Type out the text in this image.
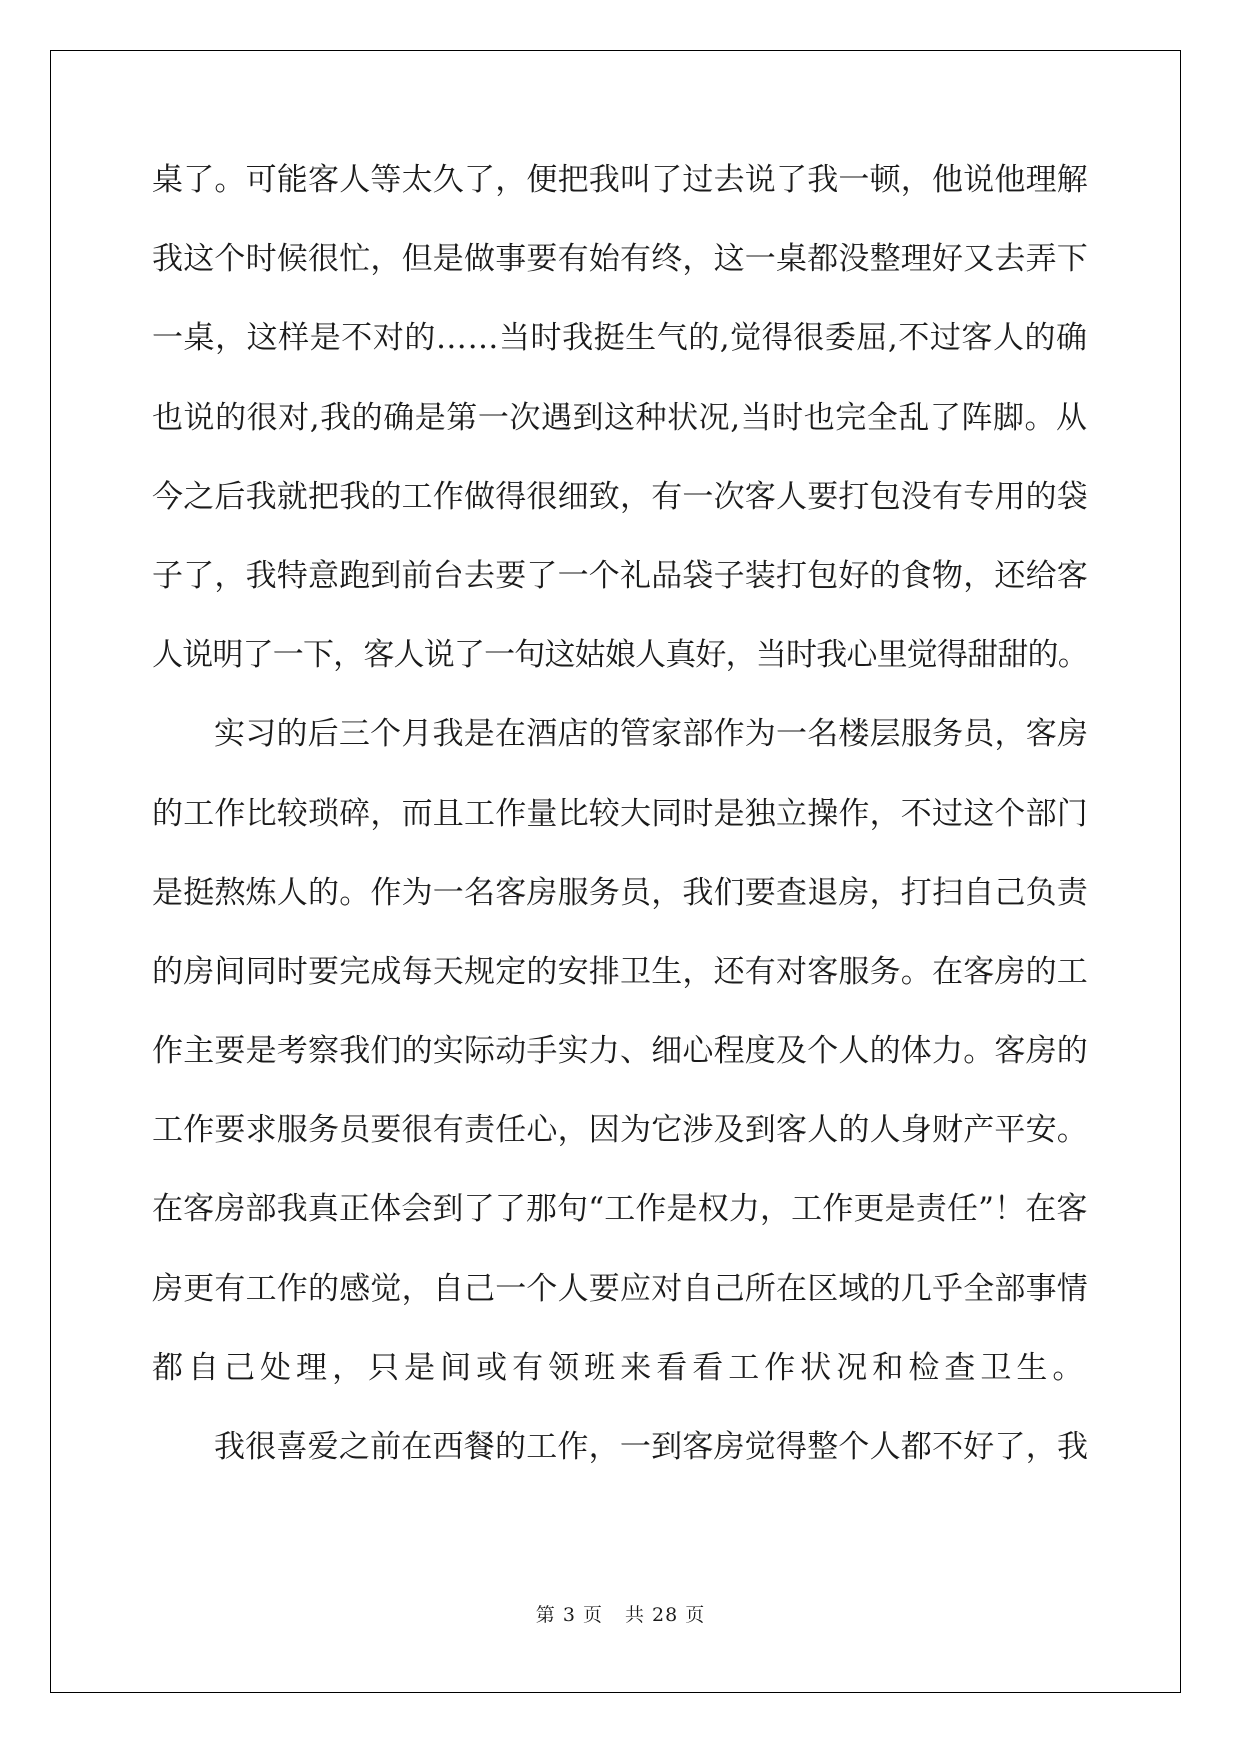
桌了。可能客人等太久了，便把我叫了过去说了我一顿，他说他理解
我这个时候很忙，但是做事要有始有终，这一桌都没整理好又去弄下
一桌，这样是不对的……当时我挺生气的,觉得很委屈,不过客人的确
也说的很对,我的确是第一次遇到这种状况,当时也完全乱了阵脚。从
今之后我就把我的工作做得很细致，有一次客人要打包没有专用的袋
子了，我特意跑到前台去要了一个礼品袋子装打包好的食物，还给客
人说明了一下，客人说了一句这姑娘人真好，当时我心里觉得甜甜的。
实习的后三个月我是在酒店的管家部作为一名楼层服务员，客房
的工作比较琐碎，而且工作量比较大同时是独立操作，不过这个部门
是挺熬炼人的。作为一名客房服务员，我们要查退房，打扫自己负责
的房间同时要完成每天规定的安排卫生，还有对客服务。在客房的工
作主要是考察我们的实际动手实力、细心程度及个人的体力。客房的
工作要求服务员要很有责任心，因为它涉及到客人的人身财产平安。
在客房部我真正体会到了了那句“工作是权力，工作更是责任”！在客
房更有工作的感觉，自己一个人要应对自己所在区域的几乎全部事情
都自己处理，只是间或有领班来看看工作状况和检查卫生。
我很喜爱之前在西餐的工作，一到客房觉得整个人都不好了，我
第 3 页 共 28 页
